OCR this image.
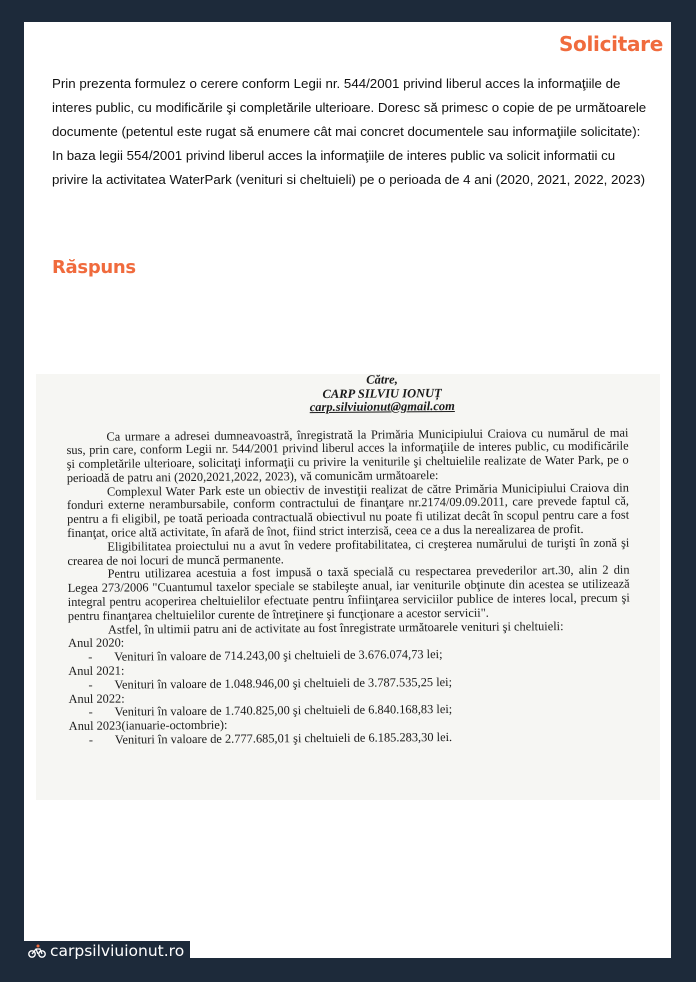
Solicitare

Prin prezenta formulez o cerere conform Legii nr. 544/2001 privind liberul acces la informaţiile de interes public, cu modificările şi completările ulterioare. Doresc să primesc o copie de pe următoarele documente (petentul este rugat să enumere cât mai concret documentele sau informaţiile solicitate):

In baza legii 554/2001 privind liberul acces la informaţiile de interes public va solicit informatii cu privire la activitatea WaterPark (venituri si cheltuieli) pe o perioada de 4 ani (2020, 2021, 2022, 2023)

Răspuns
Către,
CARP SILVIU IONUȚ
carp.silviuionut@gmail.com

Ca urmare a adresei dumneavoastră, înregistrată la Primăria Municipiului Craiova cu numărul de mai sus, prin care, conform Legii nr. 544/2001 privind liberul acces la informaţiile de interes public, cu modificările şi completările ulterioare, solicitaţi informaţii cu privire la veniturile şi cheltuielile realizate de Water Park, pe o perioadă de patru ani (2020,2021,2022, 2023), vă comunicăm următoarele:

Complexul Water Park este un obiectiv de investiţii realizat de către Primăria Municipiului Craiova din fonduri externe nerambursabile, conform contractului de finanţare nr.2174/09.09.2011, care prevede faptul că, pentru a fi eligibil, pe toată perioada contractuală obiectivul nu poate fi utilizat decât în scopul pentru care a fost finanţat, orice altă activitate, în afară de înot, fiind strict interzisă, ceea ce a dus la nerealizarea de profit.

Eligibilitatea proiectului nu a avut în vedere profitabilitatea, ci creşterea numărului de turişti în zonă şi crearea de noi locuri de muncă permanente.

Pentru utilizarea acestuia a fost impusă o taxă specială cu respectarea prevederilor art.30, alin 2 din Legea 273/2006 "Cuantumul taxelor speciale se stabileşte anual, iar veniturile obţinute din acestea se utilizează integral pentru acoperirea cheltuielilor efectuate pentru înfiinţarea serviciilor publice de interes local, precum şi pentru finanţarea cheltuielilor curente de întreţinere şi funcţionare a acestor servicii".

Astfel, în ultimii patru ani de activitate au fost înregistrate următoarele venituri şi cheltuieli:

Anul 2020:

- Venituri în valoare de 714.243,00 şi cheltuieli de 3.676.074,73 lei;

Anul 2021:

- Venituri în valoare de 1.048.946,00 şi cheltuieli de 3.787.535,25 lei;

Anul 2022:

- Venituri în valoare de 1.740.825,00 şi cheltuieli de 6.840.168,83 lei;

Anul 2023(ianuarie-octombrie):

- Venituri în valoare de 2.777.685,01 şi cheltuieli de 6.185.283,30 lei.

carpsilviuionut.ro
